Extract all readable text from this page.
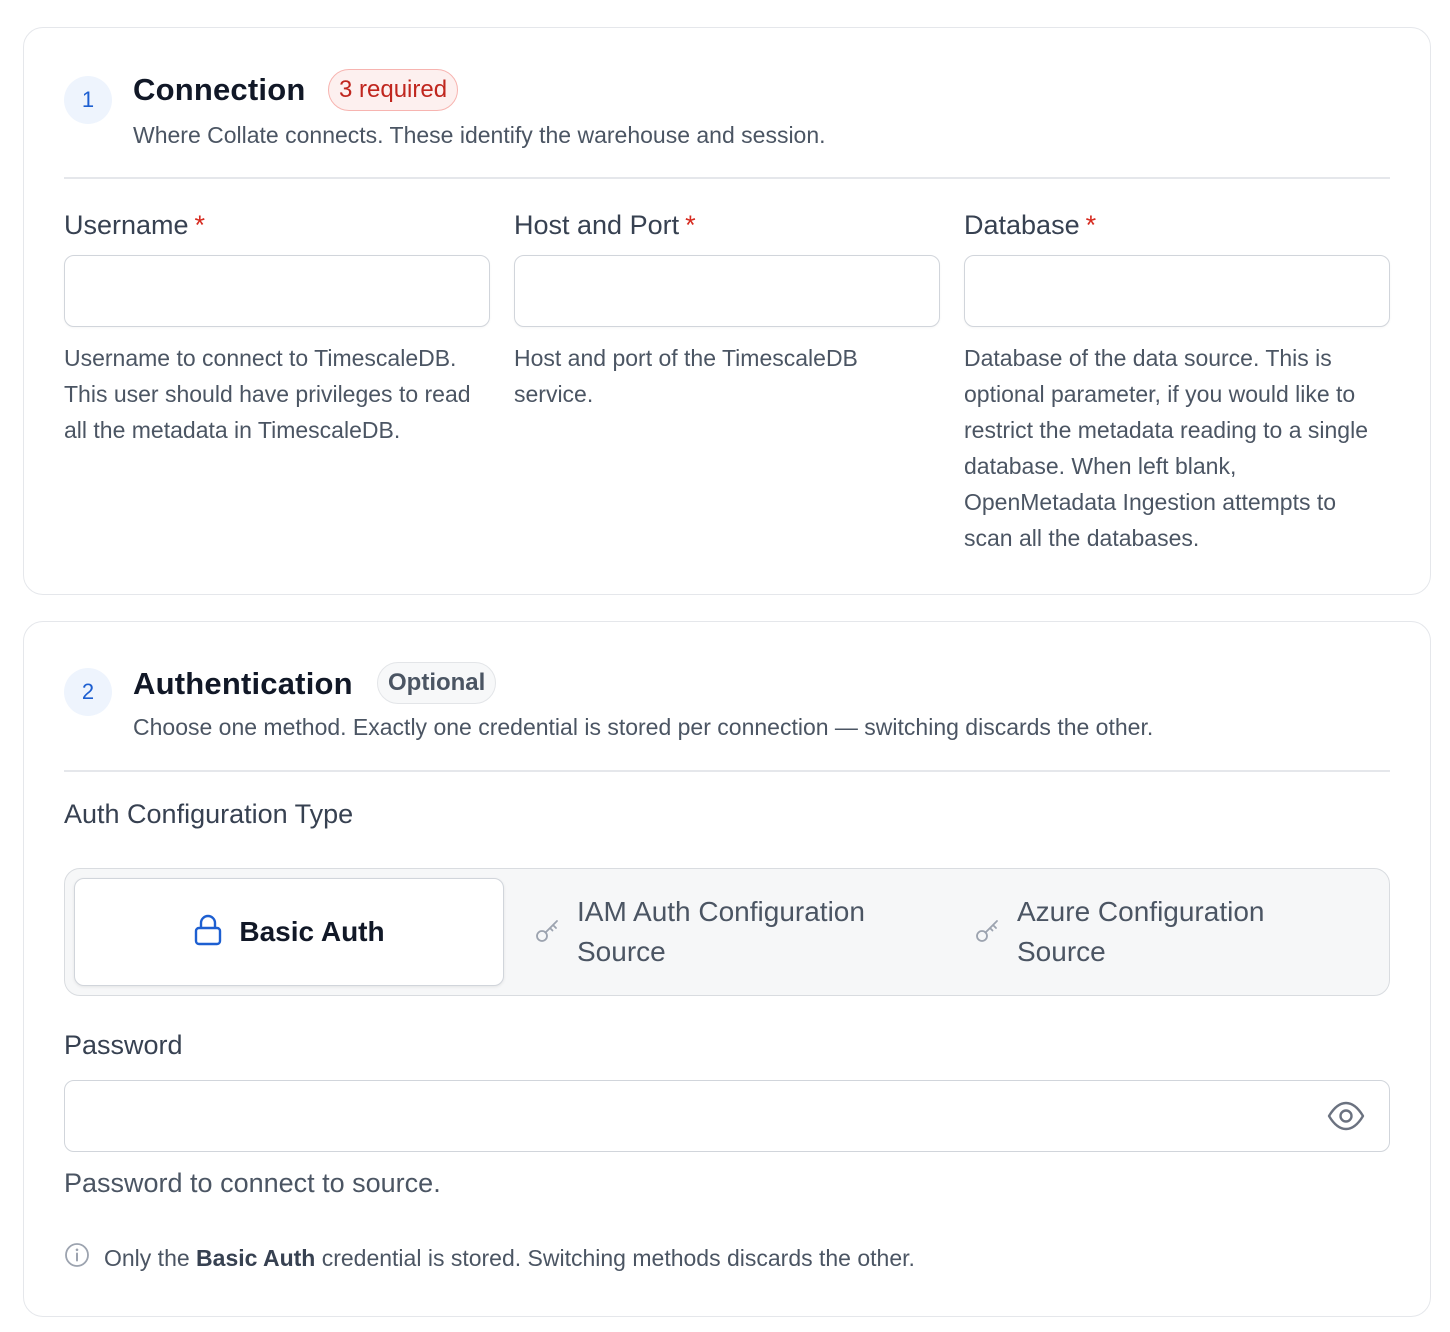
1	Connection	3 required

Where Collate connects. These identify the warehouse and session.

Username *

Username to connect to TimescaleDB. This user should have privileges to read all the metadata in TimescaleDB.

Host and Port *

Host and port of the TimescaleDB service.

Database *

Database of the data source. This is optional parameter, if you would like to restrict the metadata reading to a single database. When left blank, OpenMetadata Ingestion attempts to scan all the databases.

2	Authentication	Optional

Choose one method. Exactly one credential is stored per connection — switching discards the other.

Auth Configuration Type
Basic Auth
IAM Auth Configuration Source
Azure Configuration Source
Password

Password to connect to source.

Only the Basic Auth credential is stored. Switching methods discards the other.
